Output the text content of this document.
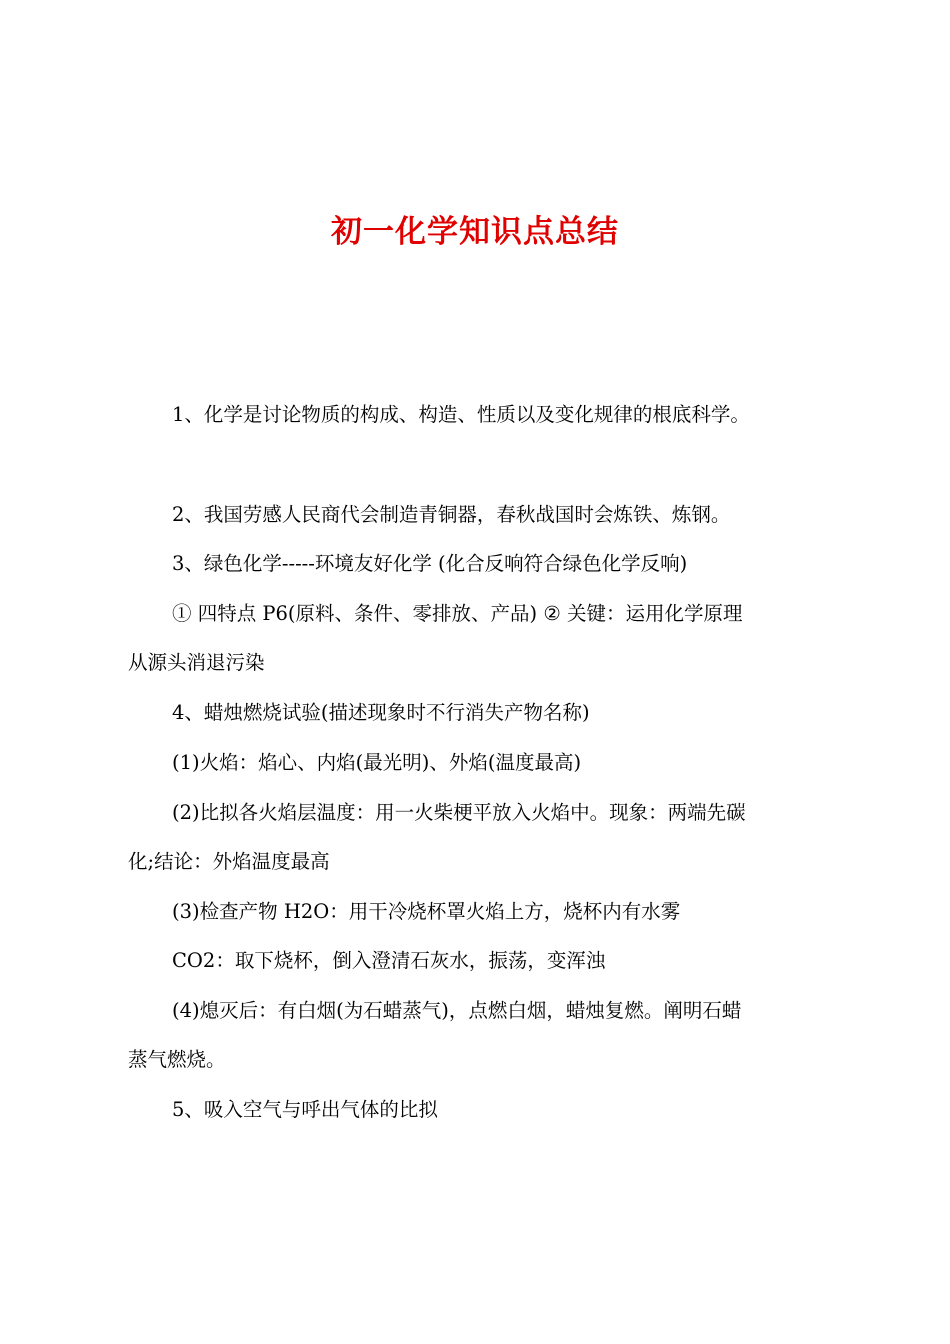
初一化学知识点总结

1、化学是讨论物质的构成、构造、性质以及变化规律的根底科学。

2、我国劳感人民商代会制造青铜器，春秋战国时会炼铁、炼钢。

3、绿色化学-----环境友好化学 (化合反响符合绿色化学反响)

① 四特点 P6(原料、条件、零排放、产品) ② 关键：运用化学原理

从源头消退污染

4、蜡烛燃烧试验(描述现象时不行消失产物名称)

(1)火焰：焰心、内焰(最光明)、外焰(温度最高)

(2)比拟各火焰层温度：用一火柴梗平放入火焰中。现象：两端先碳

化;结论：外焰温度最高

(3)检查产物 H2O：用干冷烧杯罩火焰上方，烧杯内有水雾

CO2：取下烧杯，倒入澄清石灰水，振荡，变浑浊

(4)熄灭后：有白烟(为石蜡蒸气)，点燃白烟，蜡烛复燃。阐明石蜡

蒸气燃烧。

5、吸入空气与呼出气体的比拟
